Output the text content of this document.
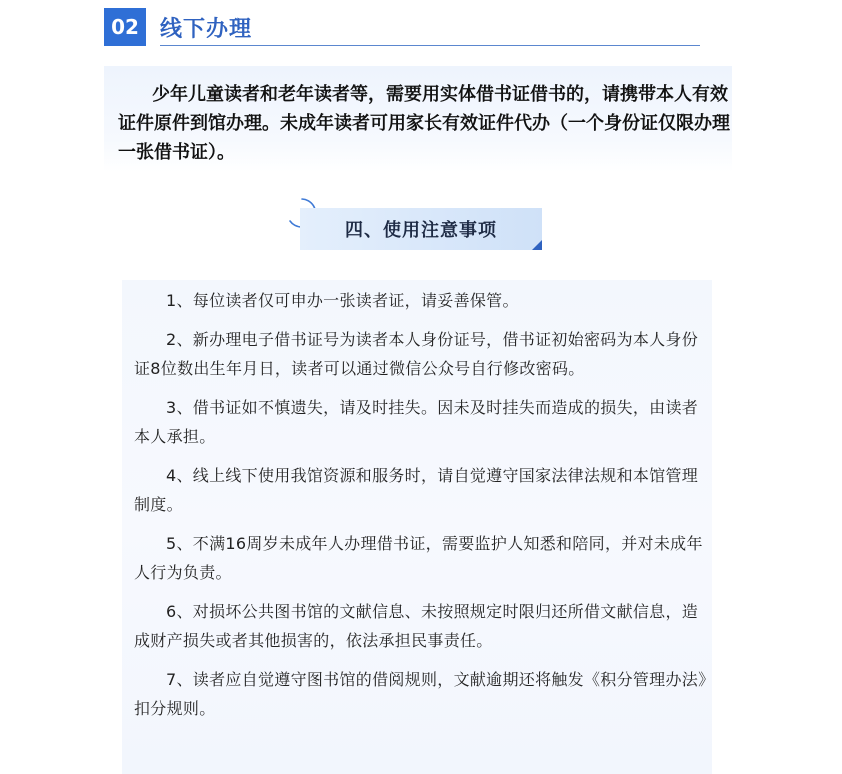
02 线下办理

少年儿童读者和老年读者等，需要用实体借书证借书的，请携带本人有效证件原件到馆办理。未成年读者可用家长有效证件代办（一个身份证仅限办理一张借书证）。

四、使用注意事项
1、每位读者仅可申办一张读者证，请妥善保管。
2、新办理电子借书证号为读者本人身份证号，借书证初始密码为本人身份证8位数出生年月日，读者可以通过微信公众号自行修改密码。
3、借书证如不慎遗失，请及时挂失。因未及时挂失而造成的损失，由读者本人承担。
4、线上线下使用我馆资源和服务时，请自觉遵守国家法律法规和本馆管理制度。
5、不满16周岁未成年人办理借书证，需要监护人知悉和陪同，并对未成年人行为负责。
6、对损坏公共图书馆的文献信息、未按照规定时限归还所借文献信息，造成财产损失或者其他损害的，依法承担民事责任。
7、读者应自觉遵守图书馆的借阅规则，文献逾期还将触发《积分管理办法》扣分规则。
